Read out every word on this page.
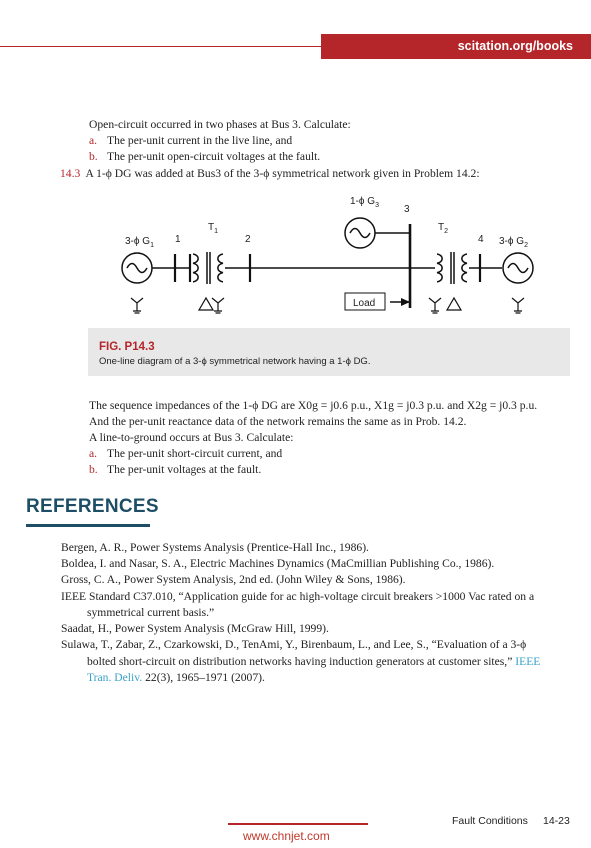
scitation.org/books
Open-circuit occurred in two phases at Bus 3. Calculate:
a. The per-unit current in the live line, and
b. The per-unit open-circuit voltages at the fault.
14.3 A 1-ϕ DG was added at Bus3 of the 3-ϕ symmetrical network given in Problem 14.2:
1-ϕ $G_3$	3
$T_1$	$T_2$
3-ϕ $G_1$
1	2	4 3-ϕ $G_2$
Load
FIG. P14.3
One-line diagram of a 3-ϕ symmetrical network having a 1-ϕ DG.
The sequence impedances of the 1-ϕ DG are X0g = j0.6 p.u., X1g = j0.3 p.u. and X2g = j0.3 p.u.
And the per-unit reactance data of the network remains the same as in Prob. 14.2.
A line-to-ground occurs at Bus 3. Calculate:
a. The per-unit short-circuit current, and
b. The per-unit voltages at the fault.
REFERENCES
Bergen, A. R., Power Systems Analysis (Prentice-Hall Inc., 1986).
Boldea, I. and Nasar, S. A., Electric Machines Dynamics (MaCmillian Publishing Co., 1986).
Gross, C. A., Power System Analysis, 2nd ed. (John Wiley & Sons, 1986).
IEEE Standard C37.010, “Application guide for ac high-voltage circuit breakers >1000 Vac rated on a
symmetrical current basis.”
Saadat, H., Power System Analysis (McGraw Hill, 1999).
Sulawa, T., Zabar, Z., Czarkowski, D., TenAmi, Y., Birenbaum, L., and Lee, S., “Evaluation of a 3-ϕ
bolted short-circuit on distribution networks having induction generators at customer sites,” IEEE
Tran. Deliv. 22(3), 1965–1971 (2007).
Fault Conditions 14-23
www.chnjet.com
